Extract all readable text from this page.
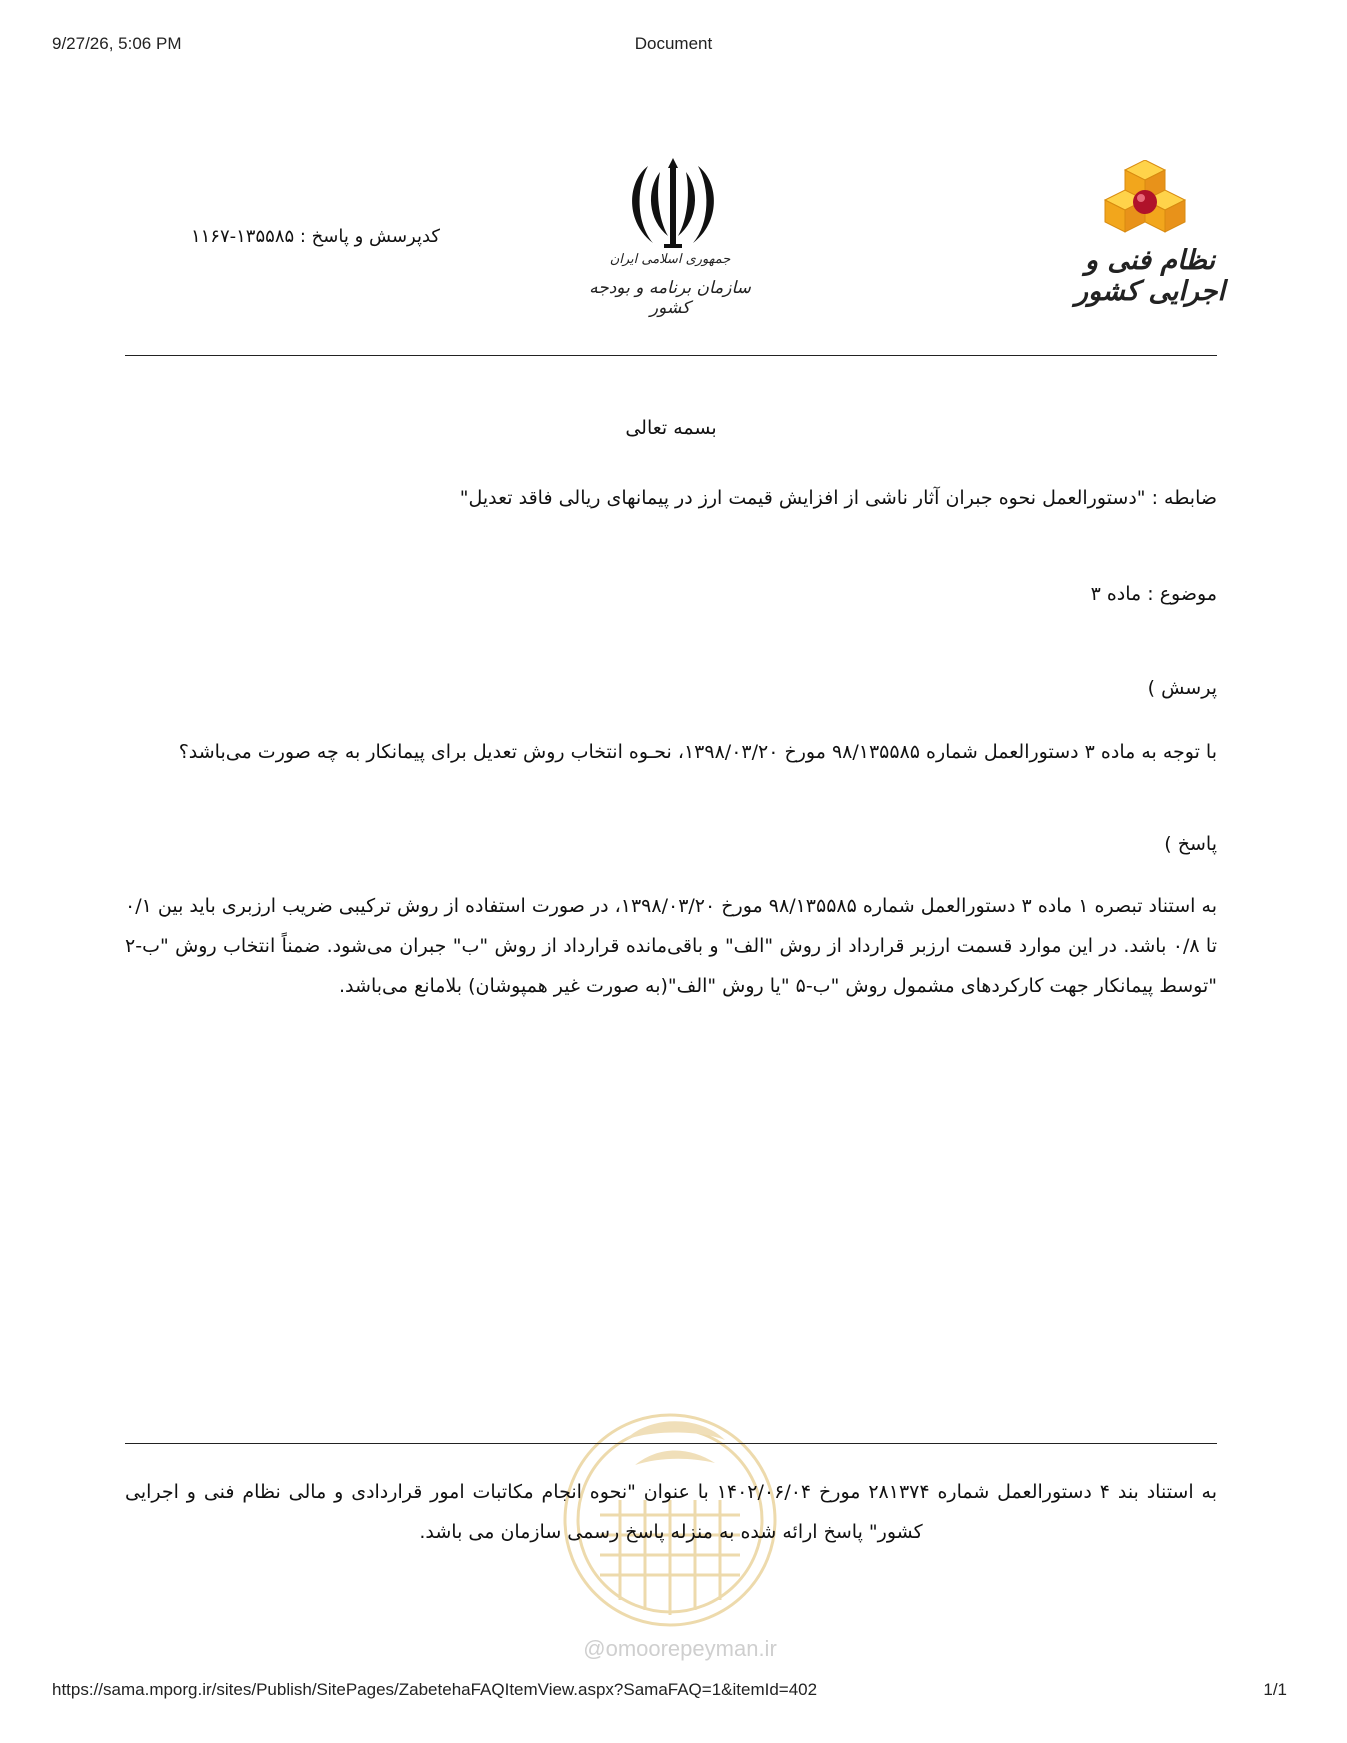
9/27/26, 5:06 PM	Document
نظام فنی و اجرایی کشور
جمهوری اسلامی ایران
سازمان برنامه و بودجه کشور
کدپرسش و پاسخ : ۱۳۵۵۸۵-۱۱۶۷
بسمه تعالی
ضابطه : "دستورالعمل نحوه جبران آثار ناشی از افزایش قیمت ارز در پیمانهای ریالی فاقد تعدیل"
موضوع : ماده ۳
پرسش )
با توجه به ماده ۳ دستورالعمل شماره ۹۸/۱۳۵۵۸۵ مورخ ۱۳۹۸/۰۳/۲۰، نحـوه انتخاب روش تعدیل برای پیمانکار به چه صورت می‌باشد؟
پاسخ )
به استناد تبصره ۱ ماده ۳ دستورالعمل شماره ۹۸/۱۳۵۵۸۵ مورخ ۱۳۹۸/۰۳/۲۰، در صورت استفاده از روش ترکیبی ضریب ارزبری باید بین ۰/۱ تا ۰/۸ باشد. در این موارد قسمت ارزبر قرارداد از روش "الف" و باقی‌مانده قرارداد از روش "ب" جبران می‌شود. ضمناً انتخاب روش "ب-۲ "توسط پیمانکار جهت کارکردهای مشمول روش "ب-۵ "یا روش "الف"(به صورت غیر همپوشان) بلامانع می‌باشد.
به استناد بند ۴ دستورالعمل شماره ۲۸۱۳۷۴ مورخ ۱۴۰۲/۰۶/۰۴ با عنوان "نحوه انجام مکاتبات امور قراردادی و مالی نظام فنی و اجرایی کشور" پاسخ ارائه شده به منزله پاسخ رسمی سازمان می باشد.
@omoorepeyman.ir
https://sama.mporg.ir/sites/Publish/SitePages/ZabetehaFAQItemView.aspx?SamaFAQ=1&itemId=402	1/1
